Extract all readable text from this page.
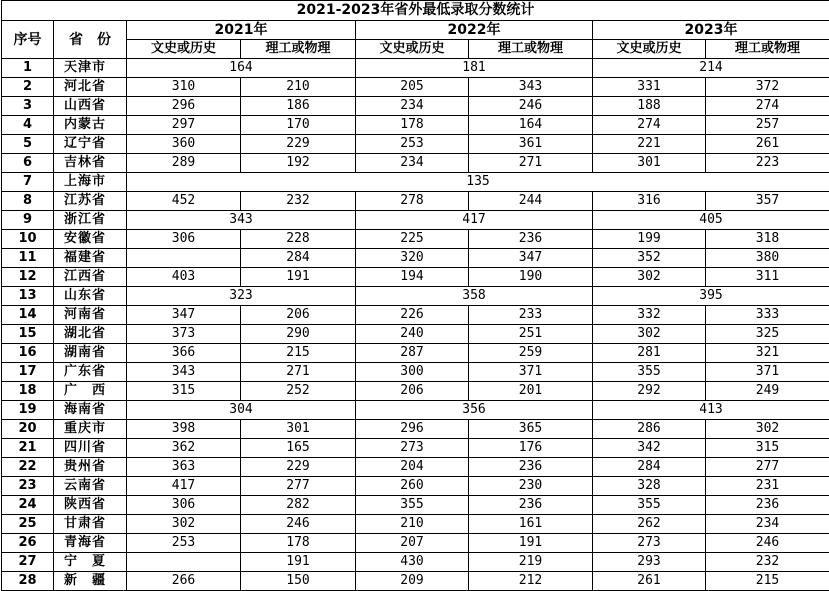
2021-2023年省外最低录取分数统计							
序号	省　份	2021年		2022年		2023年	
		文史或历史	理工或物理	文史或历史	理工或物理	文史或历史	理工或物理
1	天津市	164		181		214	
2	河北省	310	210	205	343	331	372
3	山西省	296	186	234	246	188	274
4	内蒙古	297	170	178	164	274	257
5	辽宁省	360	229	253	361	221	261
6	吉林省	289	192	234	271	301	223
7	上海市	135					
8	江苏省	452	232	278	244	316	357
9	浙江省	343		417		405	
10	安徽省	306	228	225	236	199	318
11	福建省		284	320	347	352	380
12	江西省	403	191	194	190	302	311
13	山东省	323		358		395	
14	河南省	347	206	226	233	332	333
15	湖北省	373	290	240	251	302	325
16	湖南省	366	215	287	259	281	321
17	广东省	343	271	300	371	355	371
18	广　西	315	252	206	201	292	249
19	海南省	304		356		413	
20	重庆市	398	301	296	365	286	302
21	四川省	362	165	273	176	342	315
22	贵州省	363	229	204	236	284	277
23	云南省	417	277	260	230	328	231
24	陕西省	306	282	355	236	355	236
25	甘肃省	302	246	210	161	262	234
26	青海省	253	178	207	191	273	246
27	宁　夏		191	430	219	293	232
28	新　疆	266	150	209	212	261	215
